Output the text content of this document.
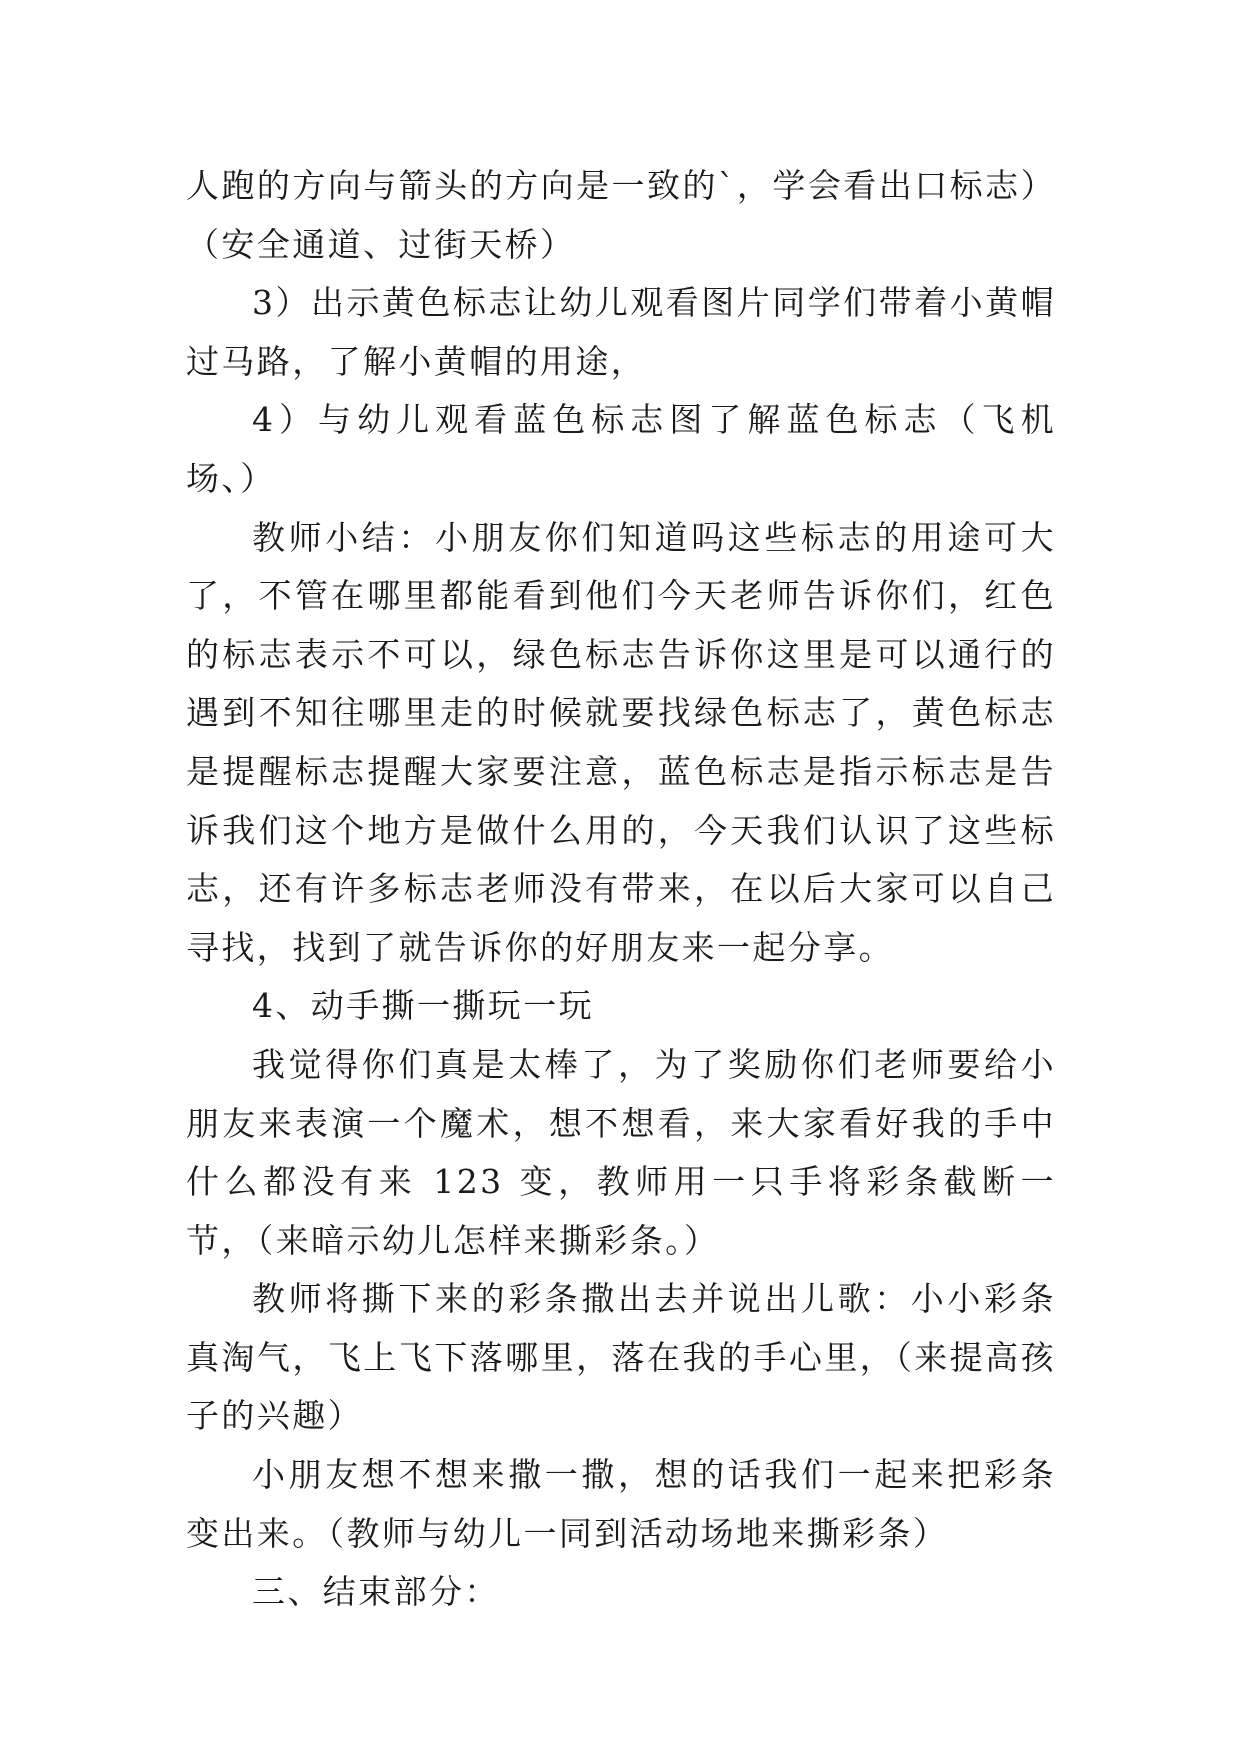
人跑的方向与箭头的方向是一致的`，学会看出口标志）（安全通道、过街天桥）

3）出示黄色标志让幼儿观看图片同学们带着小黄帽过马路，了解小黄帽的用途，

4）与幼儿观看蓝色标志图了解蓝色标志（飞机场、）

教师小结：小朋友你们知道吗这些标志的用途可大了，不管在哪里都能看到他们今天老师告诉你们，红色的标志表示不可以，绿色标志告诉你这里是可以通行的遇到不知往哪里走的时候就要找绿色标志了，黄色标志是提醒标志提醒大家要注意，蓝色标志是指示标志是告诉我们这个地方是做什么用的，今天我们认识了这些标志，还有许多标志老师没有带来，在以后大家可以自己寻找，找到了就告诉你的好朋友来一起分享。

4、动手撕一撕玩一玩

我觉得你们真是太棒了，为了奖励你们老师要给小朋友来表演一个魔术，想不想看，来大家看好我的手中什么都没有来 123 变，教师用一只手将彩条截断一节，（来暗示幼儿怎样来撕彩条。）

教师将撕下来的彩条撒出去并说出儿歌：小小彩条真淘气，飞上飞下落哪里，落在我的手心里，（来提高孩子的兴趣）

小朋友想不想来撒一撒，想的话我们一起来把彩条变出来。（教师与幼儿一同到活动场地来撕彩条）

三、结束部分：
